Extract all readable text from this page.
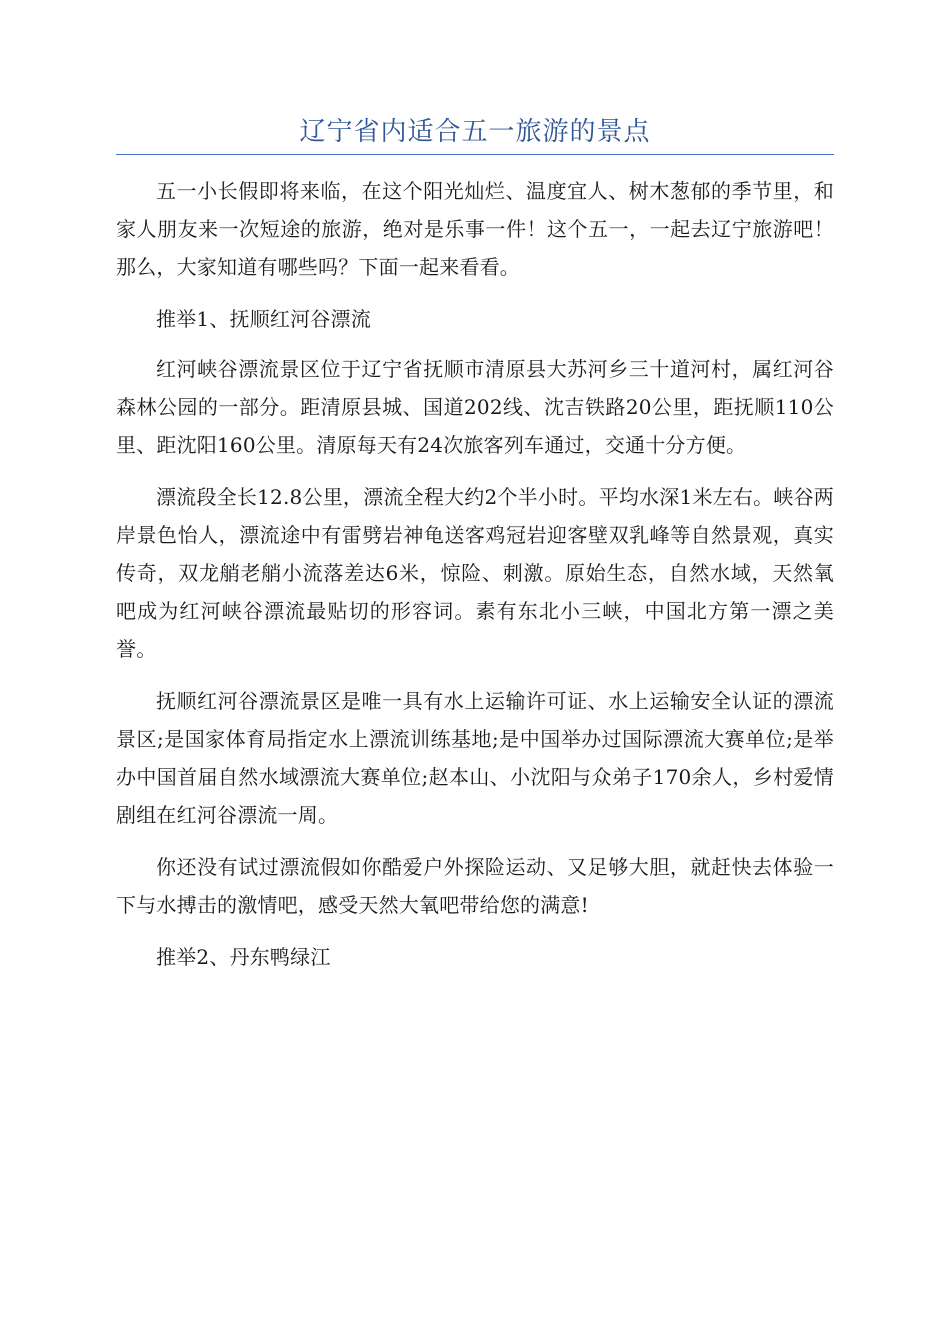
辽宁省内适合五一旅游的景点

五一小长假即将来临，在这个阳光灿烂、温度宜人、树木葱郁的季节里，和家人朋友来一次短途的旅游，绝对是乐事一件！这个五一，一起去辽宁旅游吧！那么，大家知道有哪些吗？下面一起来看看。

推举1、抚顺红河谷漂流

红河峡谷漂流景区位于辽宁省抚顺市清原县大苏河乡三十道河村，属红河谷森林公园的一部分。距清原县城、国道202线、沈吉铁路20公里，距抚顺110公里、距沈阳160公里。清原每天有24次旅客列车通过，交通十分方便。

漂流段全长12.8公里，漂流全程大约2个半小时。平均水深1米左右。峡谷两岸景色怡人，漂流途中有雷劈岩神龟送客鸡冠岩迎客壁双乳峰等自然景观，真实传奇，双龙艄老艄小流落差达6米，惊险、刺激。原始生态，自然水域，天然氧吧成为红河峡谷漂流最贴切的形容词。素有东北小三峡，中国北方第一漂之美誉。

抚顺红河谷漂流景区是唯一具有水上运输许可证、水上运输安全认证的漂流景区;是国家体育局指定水上漂流训练基地;是中国举办过国际漂流大赛单位;是举办中国首届自然水域漂流大赛单位;赵本山、小沈阳与众弟子170余人，乡村爱情剧组在红河谷漂流一周。

你还没有试过漂流假如你酷爱户外探险运动、又足够大胆，就赶快去体验一下与水搏击的激情吧，感受天然大氧吧带给您的满意!

推举2、丹东鸭绿江
